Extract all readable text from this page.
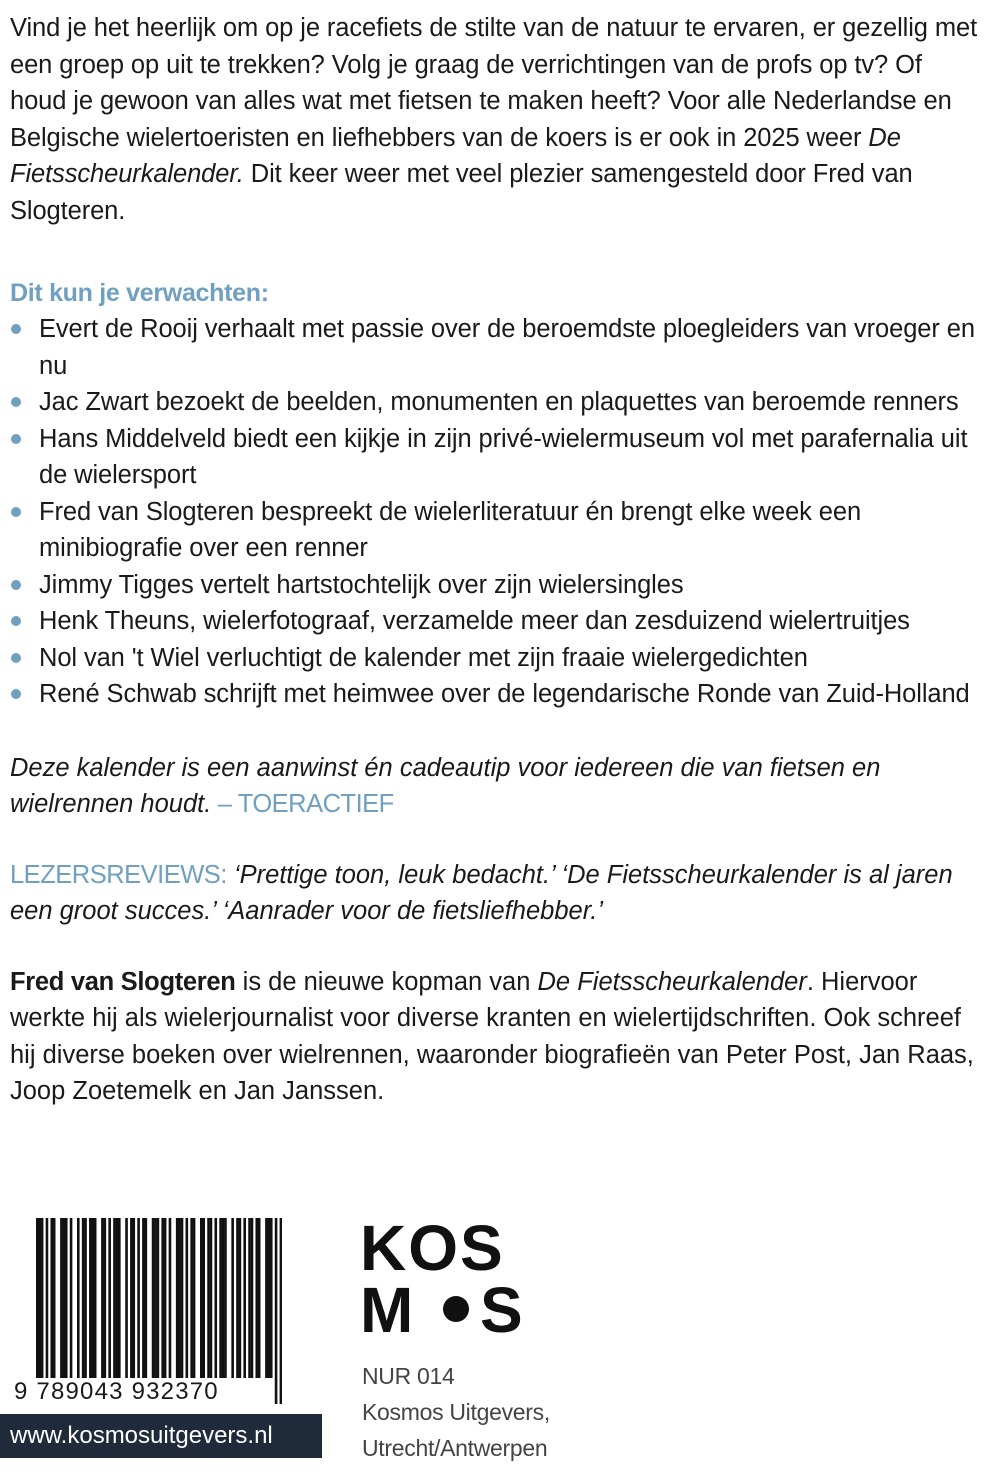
Vind je het heerlijk om op je racefiets de stilte van de natuur te ervaren, er gezellig met een groep op uit te trekken? Volg je graag de verrichtingen van de profs op tv? Of houd je gewoon van alles wat met fietsen te maken heeft? Voor alle Nederlandse en Belgische wielertoeristen en liefhebbers van de koers is er ook in 2025 weer De Fietsscheurkalender. Dit keer weer met veel plezier samengesteld door Fred van Slogteren.

Dit kun je verwachten:

Evert de Rooij verhaalt met passie over de beroemdste ploegleiders van vroeger en nu
Jac Zwart bezoekt de beelden, monumenten en plaquettes van beroemde renners
Hans Middelveld biedt een kijkje in zijn privé-wielermuseum vol met parafernalia uit de wielersport
Fred van Slogteren bespreekt de wielerliteratuur én brengt elke week een minibiografie over een renner
Jimmy Tigges vertelt hartstochtelijk over zijn wielersingles
Henk Theuns, wielerfotograaf, verzamelde meer dan zesduizend wielertruitjes
Nol van 't Wiel verluchtigt de kalender met zijn fraaie wielergedichten
René Schwab schrijft met heimwee over de legendarische Ronde van Zuid-Holland

Deze kalender is een aanwinst én cadeautip voor iedereen die van fietsen en wielrennen houdt. – TOERACTIEF

LEZERSREVIEWS: ‘Prettige toon, leuk bedacht.’ ‘De Fietsscheurkalender is al jaren een groot succes.’ ‘Aanrader voor de fietsliefhebber.’

Fred van Slogteren is de nieuwe kopman van De Fietsscheurkalender. Hiervoor werkte hij als wielerjournalist voor diverse kranten en wielertijdschriften. Ook schreef hij diverse boeken over wielrennen, waaronder biografieën van Peter Post, Jan Raas, Joop Zoetemelk en Jan Janssen.

9 789043 932370
www.kosmosuitgevers.nl
KOS
M S
NUR 014
Kosmos Uitgevers,
Utrecht/Antwerpen
